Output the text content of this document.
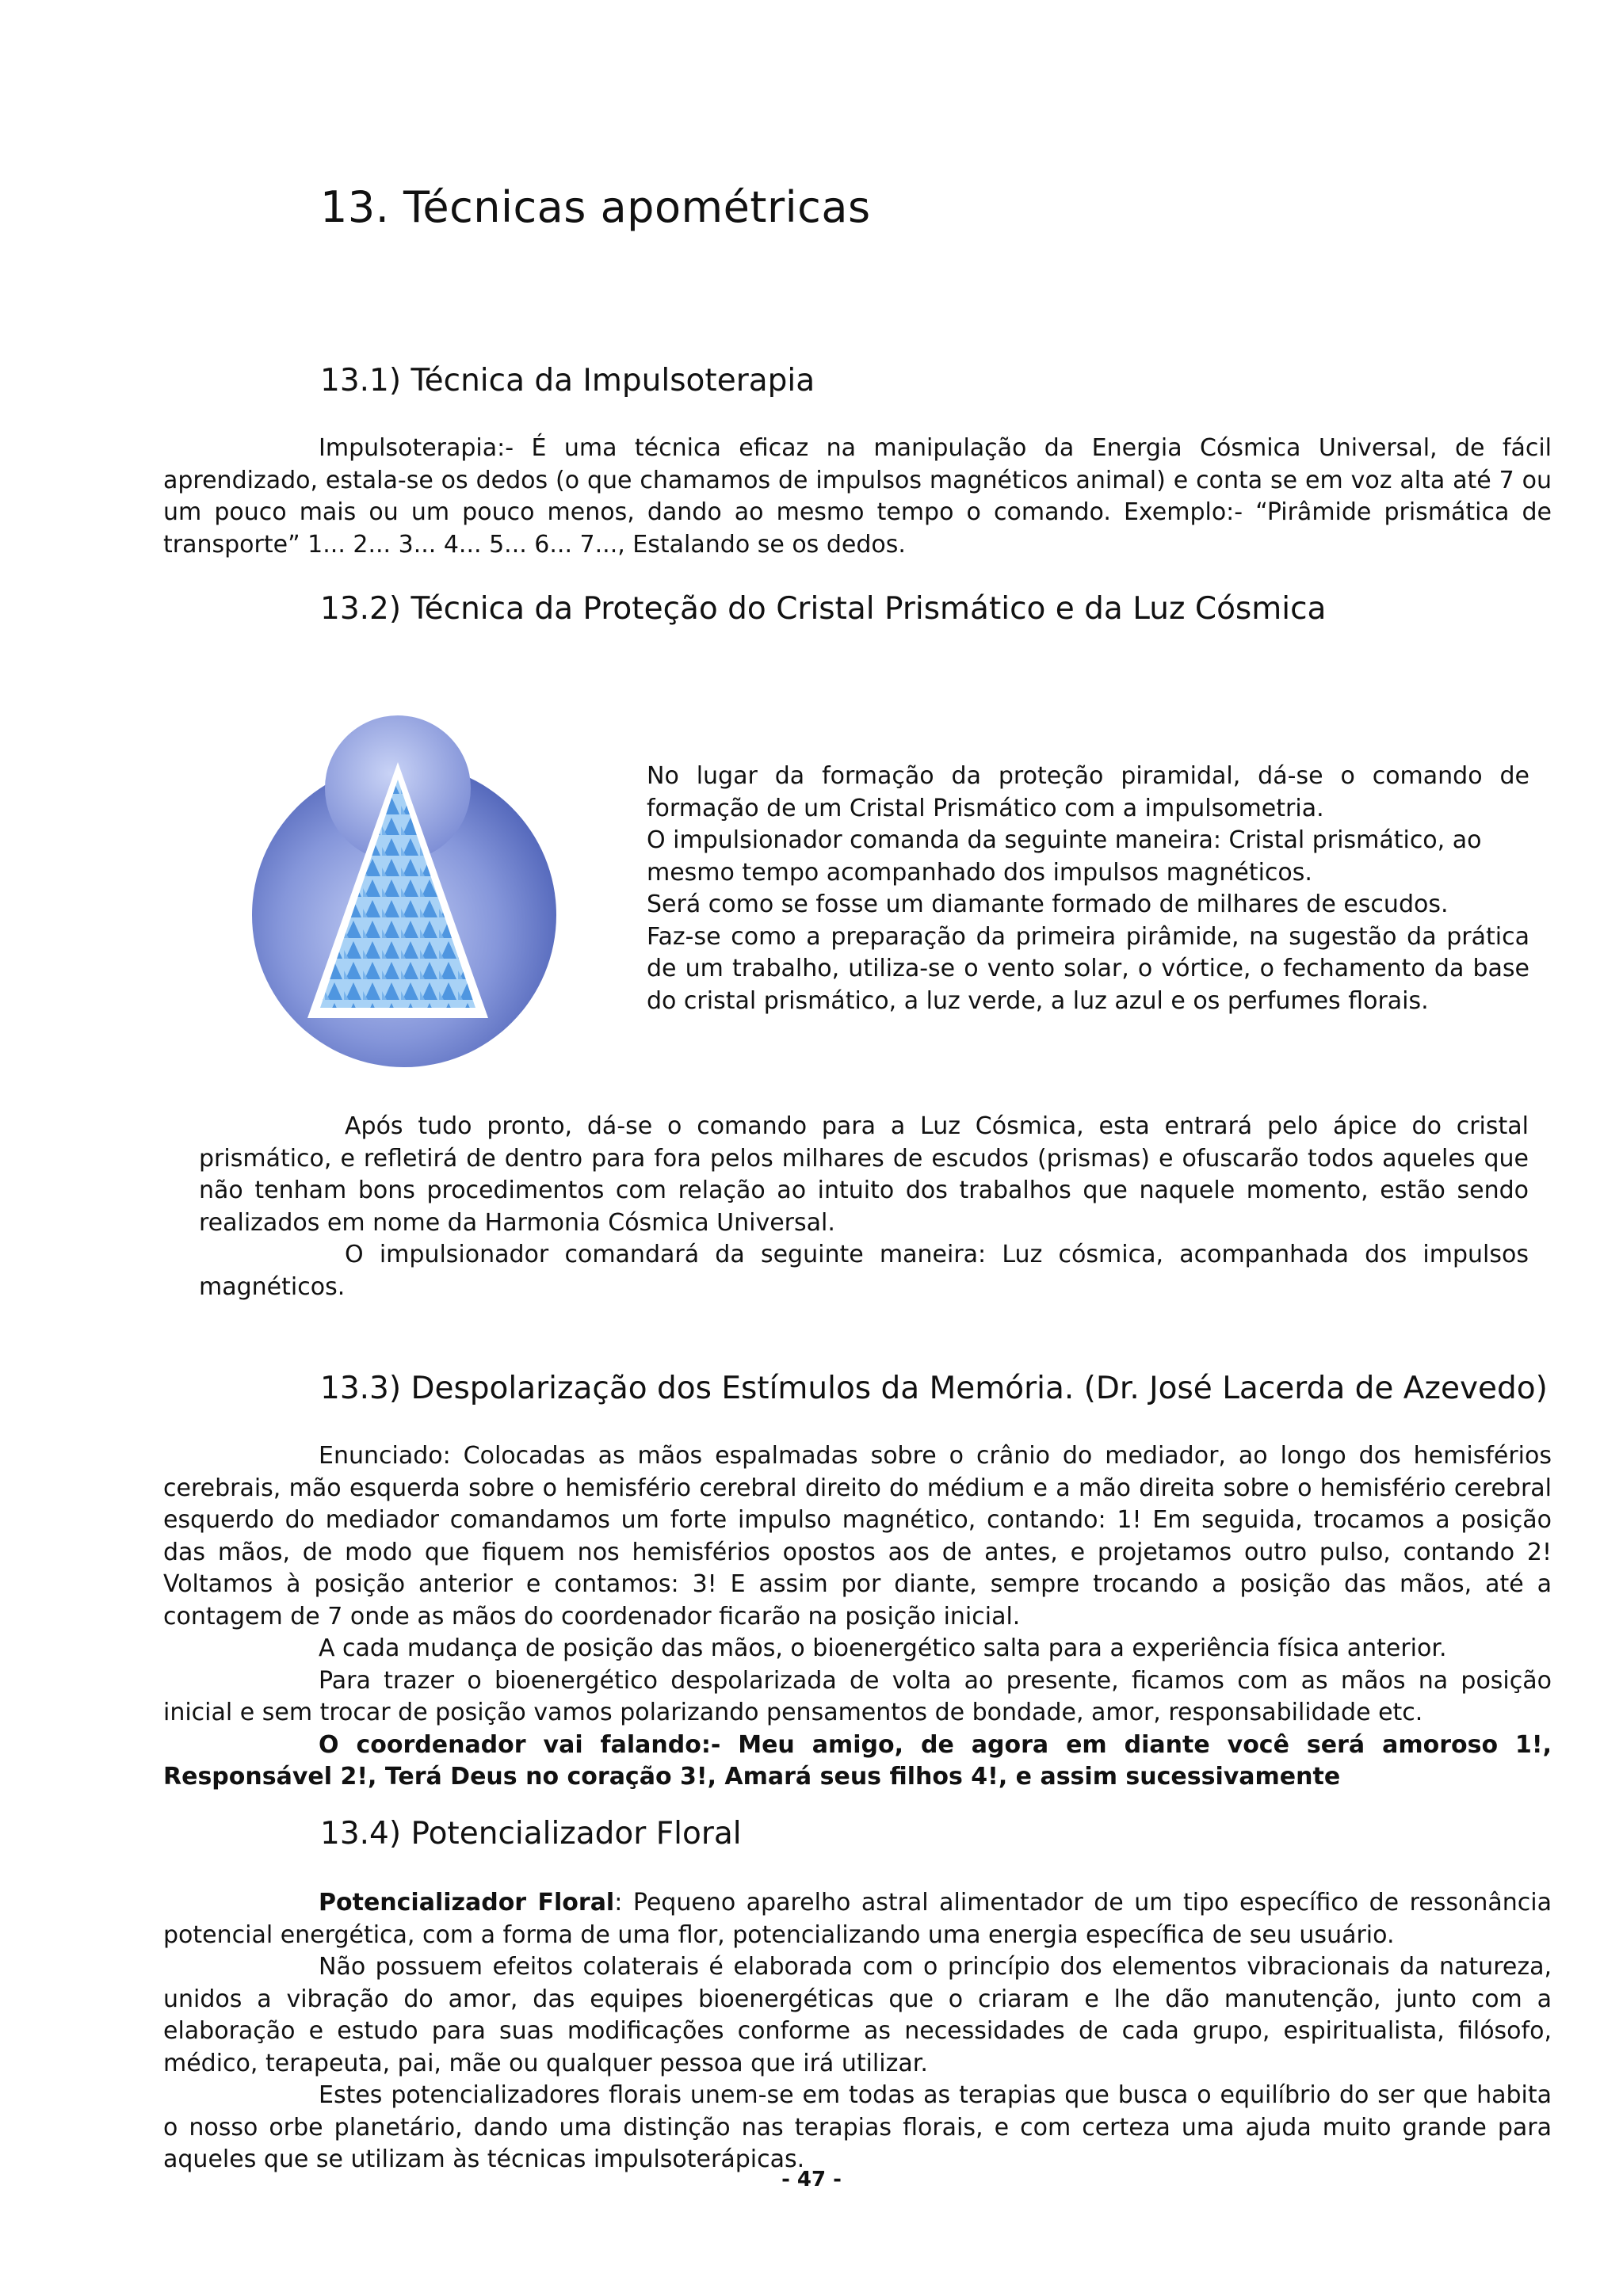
13. Técnicas apométricas
13.1) Técnica da Impulsoterapia

Impulsoterapia:- É uma técnica eficaz na manipulação da Energia Cósmica Universal, de fácil aprendizado, estala-se os dedos (o que chamamos de impulsos magnéticos animal) e conta se em voz alta até 7 ou um pouco mais ou um pouco menos, dando ao mesmo tempo o comando. Exemplo:- “Pirâmide prismática de transporte” 1... 2... 3... 4... 5... 6... 7..., Estalando se os dedos.

13.2) Técnica da Proteção do Cristal Prismático e da Luz Cósmica

No lugar da formação da proteção piramidal, dá-se o comando de formação de um Cristal Prismático com a impulsometria.

O impulsionador comanda da seguinte maneira: Cristal prismático, ao mesmo tempo acompanhado dos impulsos magnéticos.

Será como se fosse um diamante formado de milhares de escudos.

Faz-se como a preparação da primeira pirâmide, na sugestão da prática de um trabalho, utiliza-se o vento solar, o vórtice, o fechamento da base do cristal prismático, a luz verde, a luz azul e os perfumes florais.

Após tudo pronto, dá-se o comando para a Luz Cósmica, esta entrará pelo ápice do cristal prismático, e refletirá de dentro para fora pelos milhares de escudos (prismas) e ofuscarão todos aqueles que não tenham bons procedimentos com relação ao intuito dos trabalhos que naquele momento, estão sendo realizados em nome da Harmonia Cósmica Universal.

O impulsionador comandará da seguinte maneira: Luz cósmica, acompanhada dos impulsos magnéticos.

13.3) Despolarização dos Estímulos da Memória. (Dr. José Lacerda de Azevedo)

Enunciado: Colocadas as mãos espalmadas sobre o crânio do mediador, ao longo dos hemisférios cerebrais, mão esquerda sobre o hemisfério cerebral direito do médium e a mão direita sobre o hemisfério cerebral esquerdo do mediador comandamos um forte impulso magnético, contando: 1! Em seguida, trocamos a posição das mãos, de modo que fiquem nos hemisférios opostos aos de antes, e projetamos outro pulso, contando 2! Voltamos à posição anterior e contamos: 3! E assim por diante, sempre trocando a posição das mãos, até a contagem de 7 onde as mãos do coordenador ficarão na posição inicial.

A cada mudança de posição das mãos, o bioenergético salta para a experiência física anterior.

Para trazer o bioenergético despolarizada de volta ao presente, ficamos com as mãos na posição inicial e sem trocar de posição vamos polarizando pensamentos de bondade, amor, responsabilidade etc.

O coordenador vai falando:- Meu amigo, de agora em diante você será amoroso 1!, Responsável 2!, Terá Deus no coração 3!, Amará seus filhos 4!, e assim sucessivamente

13.4) Potencializador Floral

Potencializador Floral: Pequeno aparelho astral alimentador de um tipo específico de ressonância potencial energética, com a forma de uma flor, potencializando uma energia específica de seu usuário.

Não possuem efeitos colaterais é elaborada com o princípio dos elementos vibracionais da natureza, unidos a vibração do amor, das equipes bioenergéticas que o criaram e lhe dão manutenção, junto com a elaboração e estudo para suas modificações conforme as necessidades de cada grupo, espiritualista, filósofo, médico, terapeuta, pai, mãe ou qualquer pessoa que irá utilizar.

Estes potencializadores florais unem-se em todas as terapias que busca o equilíbrio do ser que habita o nosso orbe planetário, dando uma distinção nas terapias florais, e com certeza uma ajuda muito grande para aqueles que se utilizam às técnicas impulsoterápicas.

- 47 -
